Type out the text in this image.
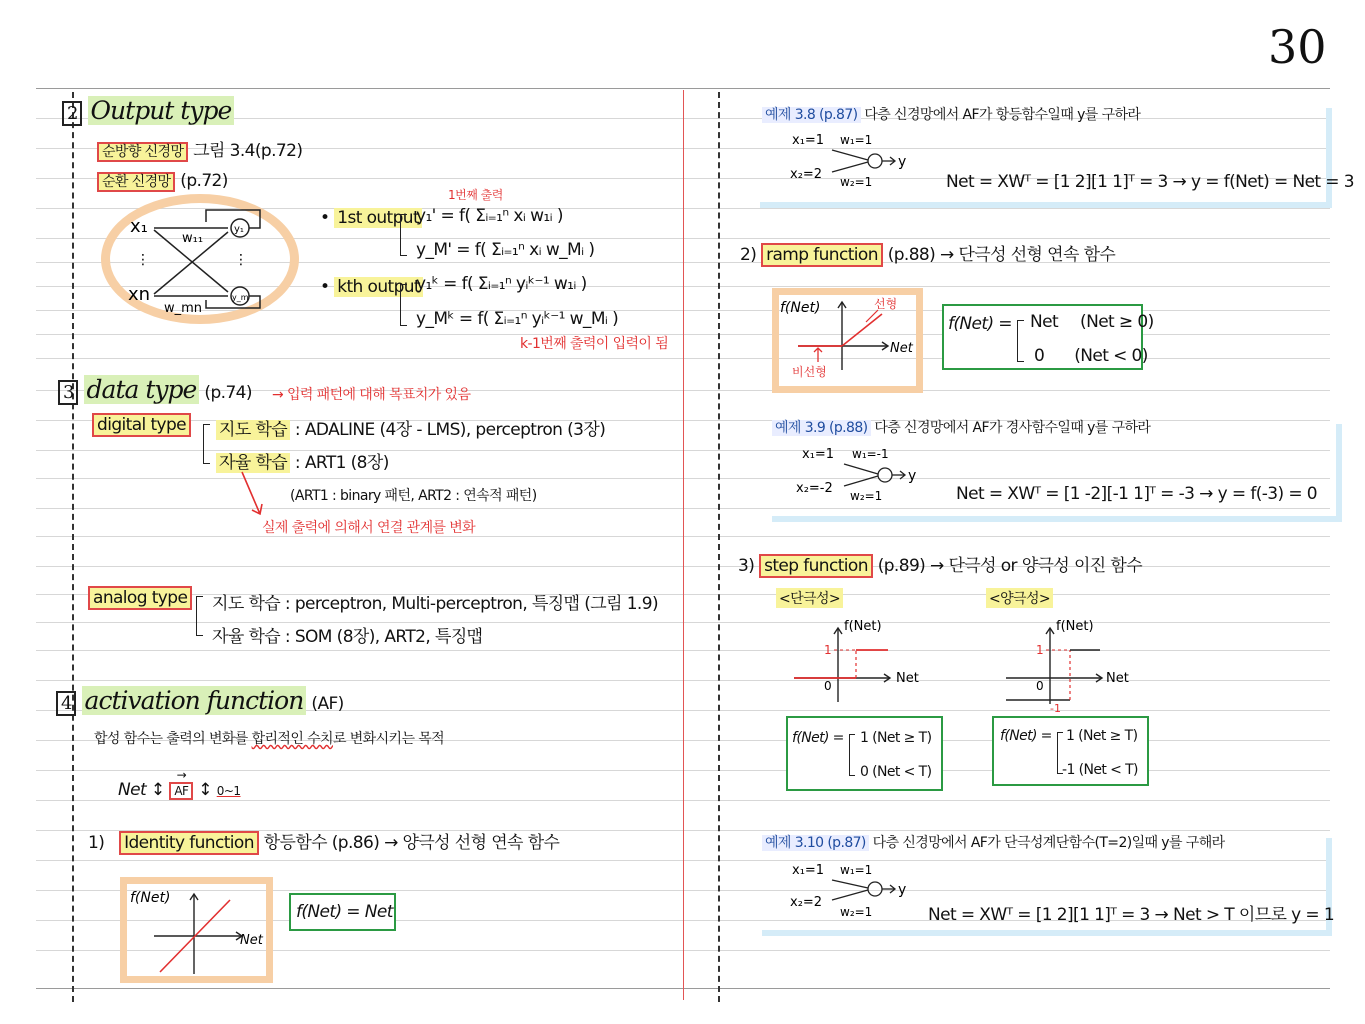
30
2 Output type
순방향 신경망 그림 3.4(p.72)
순환 신경망 (p.72)
x₁
xn
w₁₁
w_mn
⋮	⋮
y₁
y_m
1번째 출력
• 1st output
y₁' = f( Σᵢ₌₁ⁿ xᵢ w₁ᵢ )
y_M' = f( Σᵢ₌₁ⁿ xᵢ w_Mᵢ )
• kth output
y₁ᵏ = f( Σᵢ₌₁ⁿ yᵢᵏ⁻¹ w₁ᵢ )
y_Mᵏ = f( Σᵢ₌₁ⁿ yᵢᵏ⁻¹ w_Mᵢ )
k-1번째 출력이 입력이 됨
3 data type (p.74) → 입력 패턴에 대해 목표치가 있음
digital type 지도 학습 : ADALINE (4장 - LMS), perceptron (3장)
자율 학습 : ART1 (8장)
(ART1 : binary 패턴, ART2 : 연속적 패턴)
실제 출력에 의해서 연결 관계를 변화
analog type 지도 학습 : perceptron, Multi-perceptron, 특징맵 (그림 1.9)
자율 학습 : SOM (8장), ART2, 특징맵
4 activation function (AF)
합성 함수는 출력의 변화를 합리적인 수치로 변화시키는 목적
Net ↕
→
AF ↕ 0~1
1) Identity function 항등함수 (p.86) → 양극성 선형 연속 함수
f(Net)
Net
f(Net) = Net
예제 3.8 (p.87) 다층 신경망에서 AF가 항등함수일때 y를 구하라
x₁=1
x₂=2
w₁=1
w₂=1
y
Net = XWᵀ = [1 2][1 1]ᵀ = 3 → y = f(Net) = Net = 3
2) ramp function (p.88) → 단극성 선형 연속 함수
f(Net)
Net
선형
비선형
f(Net) = Net (Net ≥ 0)
0 (Net < 0)
예제 3.9 (p.88) 다층 신경망에서 AF가 경사함수일때 y를 구하라
x₁=1
x₂=-2
w₁=-1
w₂=1
y
Net = XWᵀ = [1 -2][-1 1]ᵀ = -3 → y = f(-3) = 0
3) step function (p.89) → 단극성 or 양극성 이진 함수
<단극성>	<양극성>
f(Net)
Net
1
0
f(Net)
Net
1
0
-1
f(Net) = 1 (Net ≥ T)
0 (Net < T)
f(Net) = 1 (Net ≥ T)
-1 (Net < T)
예제 3.10 (p.87) 다층 신경망에서 AF가 단극성계단함수(T=2)일때 y를 구해라
x₁=1
x₂=2
w₁=1
w₂=1
y
Net = XWᵀ = [1 2][1 1]ᵀ = 3 → Net > T 이므로 y = 1
